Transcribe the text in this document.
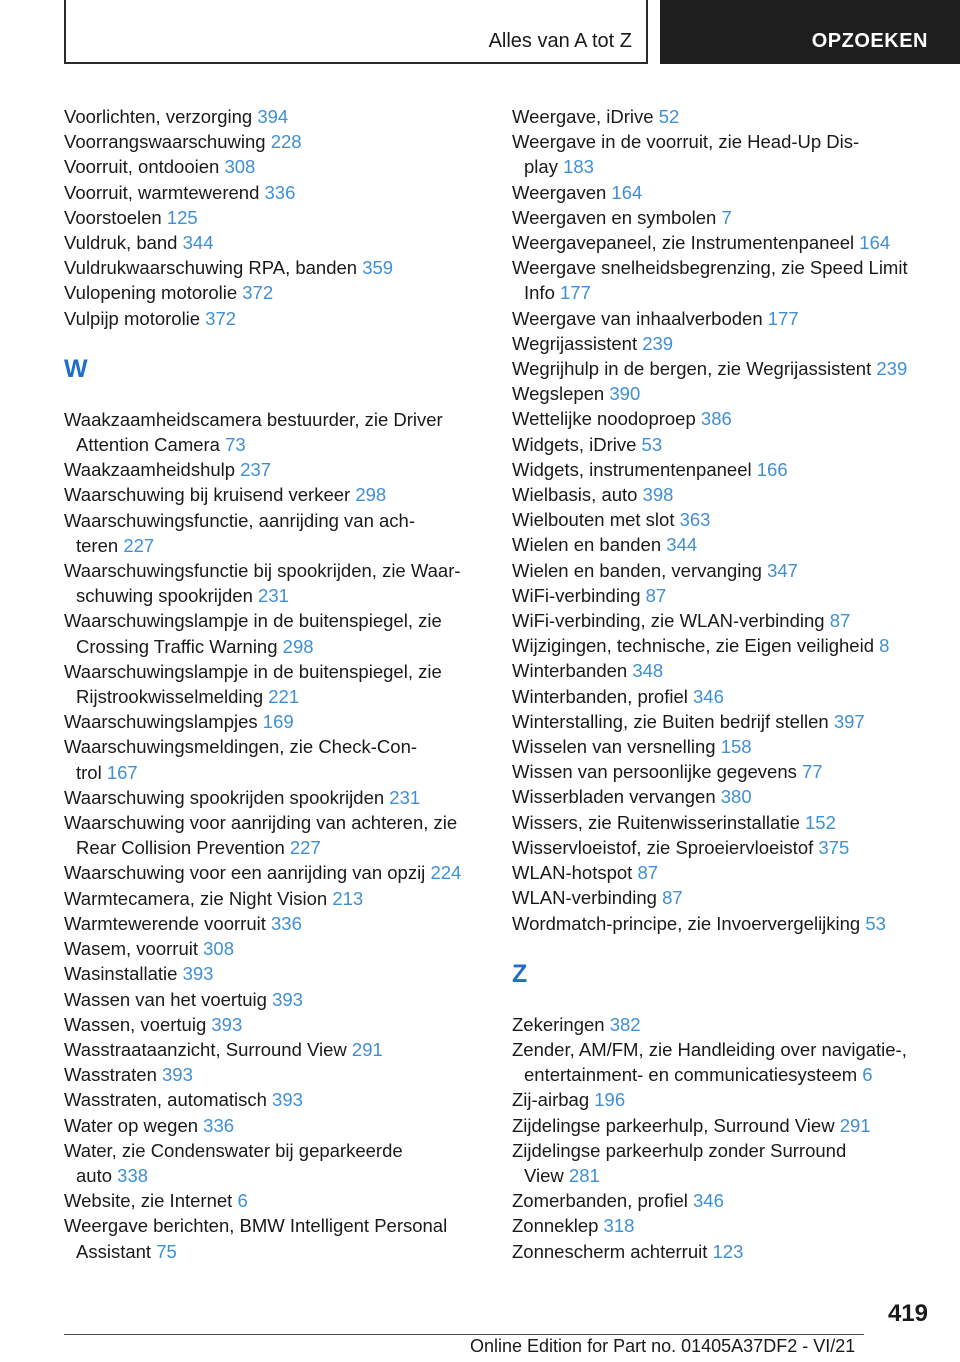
Alles van A tot Z	OPZOEKEN
Voorlichten, verzorging 394
Voorrangswaarschuwing 228
Voorruit, ontdooien 308
Voorruit, warmtewerend 336
Voorstoelen 125
Vuldruk, band 344
Vuldrukwaarschuwing RPA, banden 359
Vulopening motorolie 372
Vulpijp motorolie 372
W
Waakzaamheidscamera bestuurder, zie Driver
Attention Camera 73
Waakzaamheidshulp 237
Waarschuwing bij kruisend verkeer 298
Waarschuwingsfunctie, aanrijding van ach-
teren 227
Waarschuwingsfunctie bij spookrijden, zie Waar-
schuwing spookrijden 231
Waarschuwingslampje in de buitenspiegel, zie
Crossing Traffic Warning 298
Waarschuwingslampje in de buitenspiegel, zie
Rijstrookwisselmelding 221
Waarschuwingslampjes 169
Waarschuwingsmeldingen, zie Check-Con-
trol 167
Waarschuwing spookrijden spookrijden 231
Waarschuwing voor aanrijding van achteren, zie
Rear Collision Prevention 227
Waarschuwing voor een aanrijding van opzij 224
Warmtecamera, zie Night Vision 213
Warmtewerende voorruit 336
Wasem, voorruit 308
Wasinstallatie 393
Wassen van het voertuig 393
Wassen, voertuig 393
Wasstraataanzicht, Surround View 291
Wasstraten 393
Wasstraten, automatisch 393
Water op wegen 336
Water, zie Condenswater bij geparkeerde
auto 338
Website, zie Internet 6
Weergave berichten, BMW Intelligent Personal
Assistant 75
Weergave, iDrive 52
Weergave in de voorruit, zie Head-Up Dis-
play 183
Weergaven 164
Weergaven en symbolen 7
Weergavepaneel, zie Instrumentenpaneel 164
Weergave snelheidsbegrenzing, zie Speed Limit
Info 177
Weergave van inhaalverboden 177
Wegrijassistent 239
Wegrijhulp in de bergen, zie Wegrijassistent 239
Wegslepen 390
Wettelijke noodoproep 386
Widgets, iDrive 53
Widgets, instrumentenpaneel 166
Wielbasis, auto 398
Wielbouten met slot 363
Wielen en banden 344
Wielen en banden, vervanging 347
WiFi-verbinding 87
WiFi-verbinding, zie WLAN-verbinding 87
Wijzigingen, technische, zie Eigen veiligheid 8
Winterbanden 348
Winterbanden, profiel 346
Winterstalling, zie Buiten bedrijf stellen 397
Wisselen van versnelling 158
Wissen van persoonlijke gegevens 77
Wisserbladen vervangen 380
Wissers, zie Ruitenwisserinstallatie 152
Wisservloeistof, zie Sproeiervloeistof 375
WLAN-hotspot 87
WLAN-verbinding 87
Wordmatch-principe, zie Invoervergelijking 53
Z
Zekeringen 382
Zender, AM/FM, zie Handleiding over navigatie-,
entertainment- en communicatiesysteem 6
Zij-airbag 196
Zijdelingse parkeerhulp, Surround View 291
Zijdelingse parkeerhulp zonder Surround
View 281
Zomerbanden, profiel 346
Zonneklep 318
Zonnescherm achterruit 123
419
Online Edition for Part no. 01405A37DF2 - VI/21
